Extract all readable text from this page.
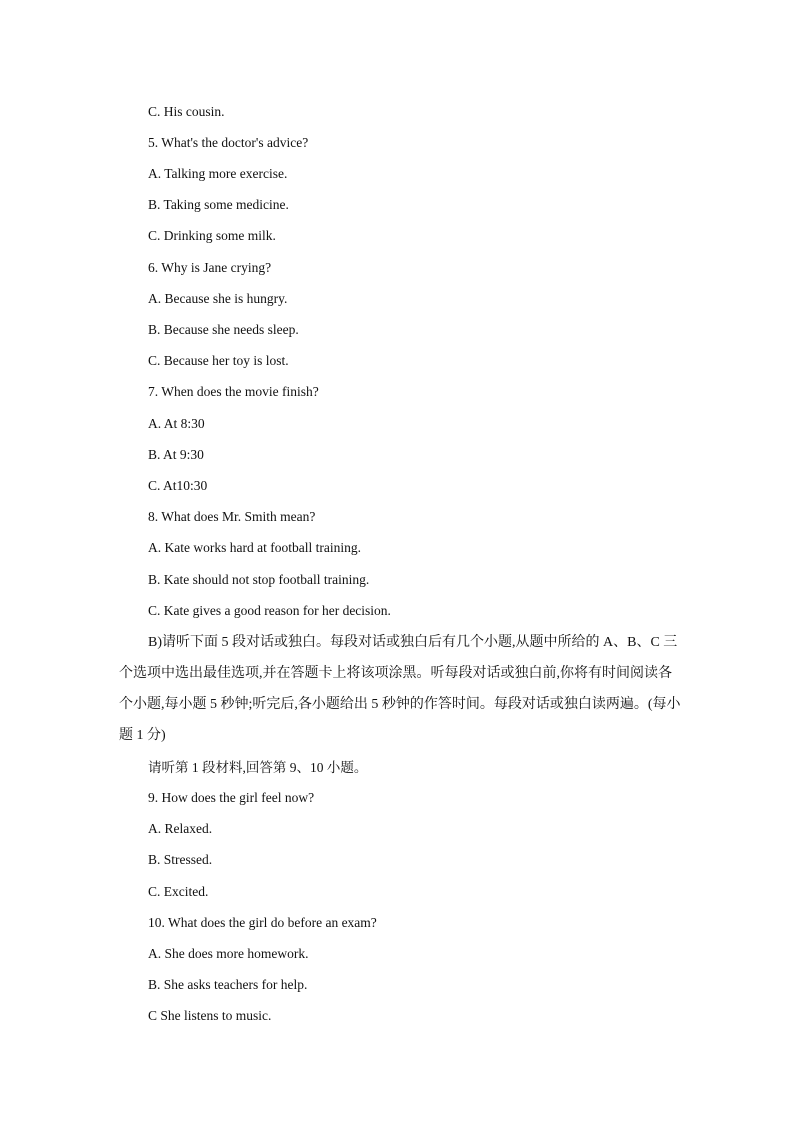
C. His cousin.
5. What's the doctor's advice?
A. Talking more exercise.
B. Taking some medicine.
C. Drinking some milk.
6. Why is Jane crying?
A. Because she is hungry.
B. Because she needs sleep.
C. Because her toy is lost.
7. When does the movie finish?
A. At 8:30
B. At 9:30
C. At10:30
8. What does Mr. Smith mean?
A. Kate works hard at football training.
B. Kate should not stop football training.
C. Kate gives a good reason for her decision.
B)请听下面 5 段对话或独白。每段对话或独白后有几个小题,从题中所给的 A、B、C 三个选项中选出最佳选项,并在答题卡上将该项涂黑。听每段对话或独白前,你将有时间阅读各个小题,每小题 5 秒钟;听完后,各小题给出 5 秒钟的作答时间。每段对话或独白读两遍。(每小题 1 分)
请听第 1 段材料,回答第 9、10 小题。
9. How does the girl feel now?
A. Relaxed.
B. Stressed.
C. Excited.
10. What does the girl do before an exam?
A. She does more homework.
B. She asks teachers for help.
C She listens to music.
